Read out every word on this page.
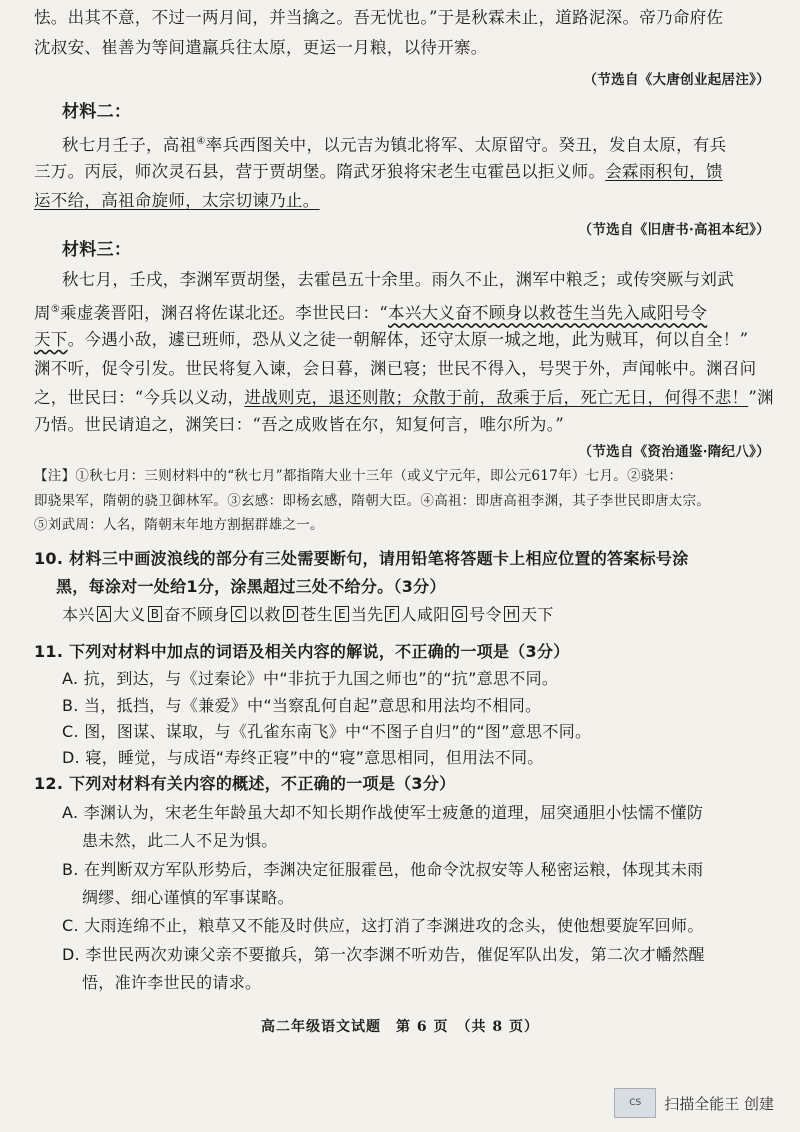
怯。出其不意，不过一两月间，并当擒之。吾无忧也。”于是秋霖未止，道路泥深。帝乃命府佐
沈叔安、崔善为等间遣羸兵往太原，更运一月粮，以待开寨。
（节选自《大唐创业起居注》）
材料二：
秋七月壬子，高祖④率兵西图关中，以元吉为镇北将军、太原留守。癸丑，发自太原，有兵
三万。丙辰，师次灵石县，营于贾胡堡。隋武牙狼将宋老生屯霍邑以拒义师。会霖雨积旬，馈
运不给，高祖命旋师，太宗切谏乃止。
（节选自《旧唐书·高祖本纪》）
材料三：
秋七月，壬戌，李渊军贾胡堡，去霍邑五十余里。雨久不止，渊军中粮乏；或传突厥与刘武
周⑤乘虚袭晋阳，渊召将佐谋北还。李世民曰：“本兴大义奋不顾身以救苍生当先入咸阳号令
天下。今遇小敌，遽已班师，恐从义之徒一朝解体，还守太原一城之地，此为贼耳，何以自全！”
渊不听，促令引发。世民将复入谏，会日暮，渊已寝；世民不得入，号哭于外，声闻帐中。渊召问
之，世民曰：“今兵以义动，进战则克，退还则散；众散于前，敌乘于后，死亡无日，何得不悲！”渊
乃悟。世民请追之，渊笑曰：“吾之成败皆在尔，知复何言，唯尔所为。”
（节选自《资治通鉴·隋纪八》）
【注】①秋七月：三则材料中的“秋七月”都指隋大业十三年（或义宁元年，即公元617年）七月。②骁果：
即骁果军，隋朝的骁卫御林军。③玄感：即杨玄感，隋朝大臣。④高祖：即唐高祖李渊，其子李世民即唐太宗。
⑤刘武周：人名，隋朝末年地方割据群雄之一。
10. 材料三中画波浪线的部分有三处需要断句，请用铅笔将答题卡上相应位置的答案标号涂
黑，每涂对一处给1分，涂黑超过三处不给分。（3分）
本兴 A 大义 B 奋不顾身 C 以救 D 苍生 E 当先 F 人咸阳 G 号令 H 天下
11. 下列对材料中加点的词语及相关内容的解说，不正确的一项是（3分）
A. 抗，到达，与《过秦论》中“非抗于九国之师也”的“抗”意思不同。
B. 当，抵挡，与《兼爱》中“当察乱何自起”意思和用法均不相同。
C. 图，图谋、谋取，与《孔雀东南飞》中“不图子自归”的“图”意思不同。
D. 寝，睡觉，与成语“寿终正寝”中的“寝”意思相同，但用法不同。
12. 下列对材料有关内容的概述，不正确的一项是（3分）
A. 李渊认为，宋老生年龄虽大却不知长期作战使军士疲惫的道理，屈突通胆小怯懦不懂防
患未然，此二人不足为惧。
B. 在判断双方军队形势后，李渊决定征服霍邑，他命令沈叔安等人秘密运粮，体现其未雨
绸缪、细心谨慎的军事谋略。
C. 大雨连绵不止，粮草又不能及时供应，这打消了李渊进攻的念头，使他想要旋军回师。
D. 李世民两次劝谏父亲不要撤兵，第一次李渊不听劝告，催促军队出发，第二次才幡然醒
悟，准许李世民的请求。
高二年级语文试题　第 6 页　（共 8 页）
CS	扫描全能王 创建
